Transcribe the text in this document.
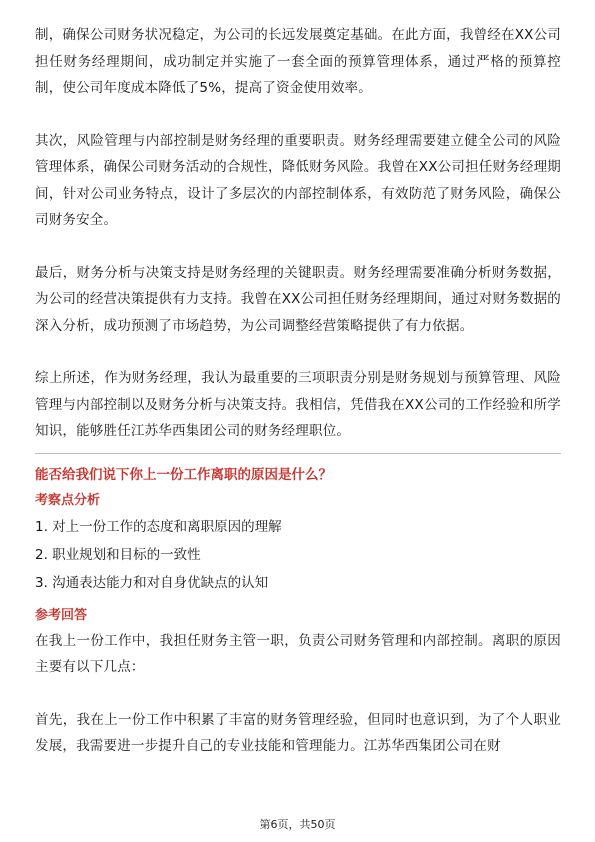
制，确保公司财务状况稳定，为公司的长远发展奠定基础。在此方面，我曾经在XX公司担任财务经理期间，成功制定并实施了一套全面的预算管理体系，通过严格的预算控制，使公司年度成本降低了5%，提高了资金使用效率。

其次，风险管理与内部控制是财务经理的重要职责。财务经理需要建立健全公司的风险管理体系，确保公司财务活动的合规性，降低财务风险。我曾在XX公司担任财务经理期间，针对公司业务特点，设计了多层次的内部控制体系，有效防范了财务风险，确保公司财务安全。

最后，财务分析与决策支持是财务经理的关键职责。财务经理需要准确分析财务数据，为公司的经营决策提供有力支持。我曾在XX公司担任财务经理期间，通过对财务数据的深入分析，成功预测了市场趋势，为公司调整经营策略提供了有力依据。

综上所述，作为财务经理，我认为最重要的三项职责分别是财务规划与预算管理、风险管理与内部控制以及财务分析与决策支持。我相信，凭借我在XX公司的工作经验和所学知识，能够胜任江苏华西集团公司的财务经理职位。

能否给我们说下你上一份工作离职的原因是什么？

考察点分析

1. 对上一份工作的态度和离职原因的理解

2. 职业规划和目标的一致性

3. 沟通表达能力和对自身优缺点的认知

参考回答

在我上一份工作中，我担任财务主管一职，负责公司财务管理和内部控制。离职的原因主要有以下几点：

首先，我在上一份工作中积累了丰富的财务管理经验，但同时也意识到，为了个人职业发展，我需要进一步提升自己的专业技能和管理能力。江苏华西集团公司在财

第6页，共50页
